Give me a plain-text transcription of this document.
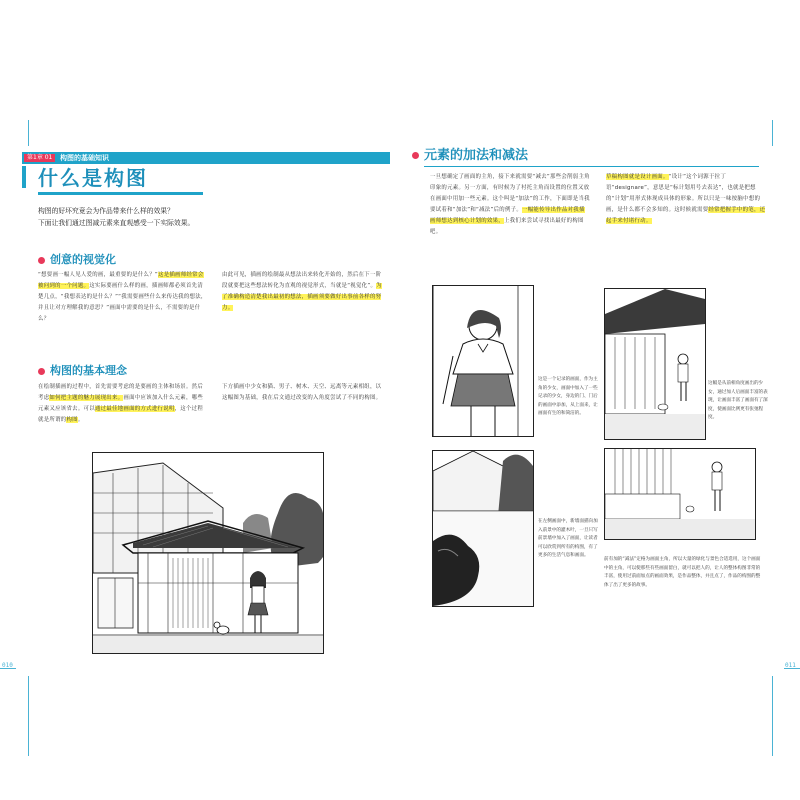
第1章 01	构图的基础知识
什么是构图
构图的好坏究竟会为作品带来什么样的效果？
下面让我们通过图减元素来直观感受一下实际效果。
创意的视觉化
“想要画一幅人见人爱的画，最重要的是什么？”这是插画师经常会被问到的一个问题。这实际要画什么样的画，插画师都必须首先清楚几点，“我想表达的是什么？”“我需要画些什么来传达我的想法，并且让对方理解我的意思？”画面中需要的是什么，不需要的是什么？
由此可见，插画的绘制最从想法出来转化开始的，然后在下一阶段就要把这些想法转化为直观的视觉形式，当就是“视觉化”。为了准确构造清楚我出最初的想法，插画须要做好出事前各样的努力。
构图的基本理念
在绘制插画的过程中，首先需要考虑的是要画的主体和场景。然后考虑如何把主题的魅力展现出来。画面中应该加入什么元素，哪些元素又应该省去。可以通过最佳地画面的方式进行说明，这个过程就是所谓的构图。
下方插画中少女和猫、男子、树木、天空、远离等元素相组，以这幅图为基础，我在后文通过改变的入角度尝试了不同的构图。
010
元素的加法和减法
一旦想确定了画面的主角，接下来就需要“减去”那些会削弱主角印象的元素。另一方面，有时候为了衬托主角而设置的位置又放在画面中用加一些元素。这个叫是“加法”的工作，下面即是当我要试着和“加法”和“减法”后的例子。一幅能传导出作品对我插画师想达到核心计划的效果，上我们来尝试寻找出最好的构图吧。
草稿构图就是设计画面。“设计”这个词源于拉丁语“designare”，意思是“标计划用号去表达”，也就是把想的“计划”用形式体现成具体的形象。所以只是一味按脑中想的画，是什么都不会多知的。这时候就需要经常把握手中的笔，还起手来付诸行动。
这是一个记录的画面，作为主角的少女，画面中加入了一些记录的少女，身边的门、门后的画面中添加，从上面来，让画面有生的和简洁的。
这幅是从前相角度画出的少女，通过加人后画面丰富的表现，让画面丰富了画面有了深度，使画面比例更有张弛程度。
在左侧画面中，新墙面描向加入前景中的灌木叶，一旦只写前景墙中加入了画面，让读者可以欣赏到所有的构图，有了更多的生活气息和画面。
前有加的“减法”定格为画面主角，所以大量的绿化与景色合适选用，这个画面中的主角，可以使那些有些画面留白，就可以把人的，让人的整体构图非常的丰富，使用过前面加点的画面效果，是作品整体，并且点了，作品的构图的整体了出了更多的故事。
011
